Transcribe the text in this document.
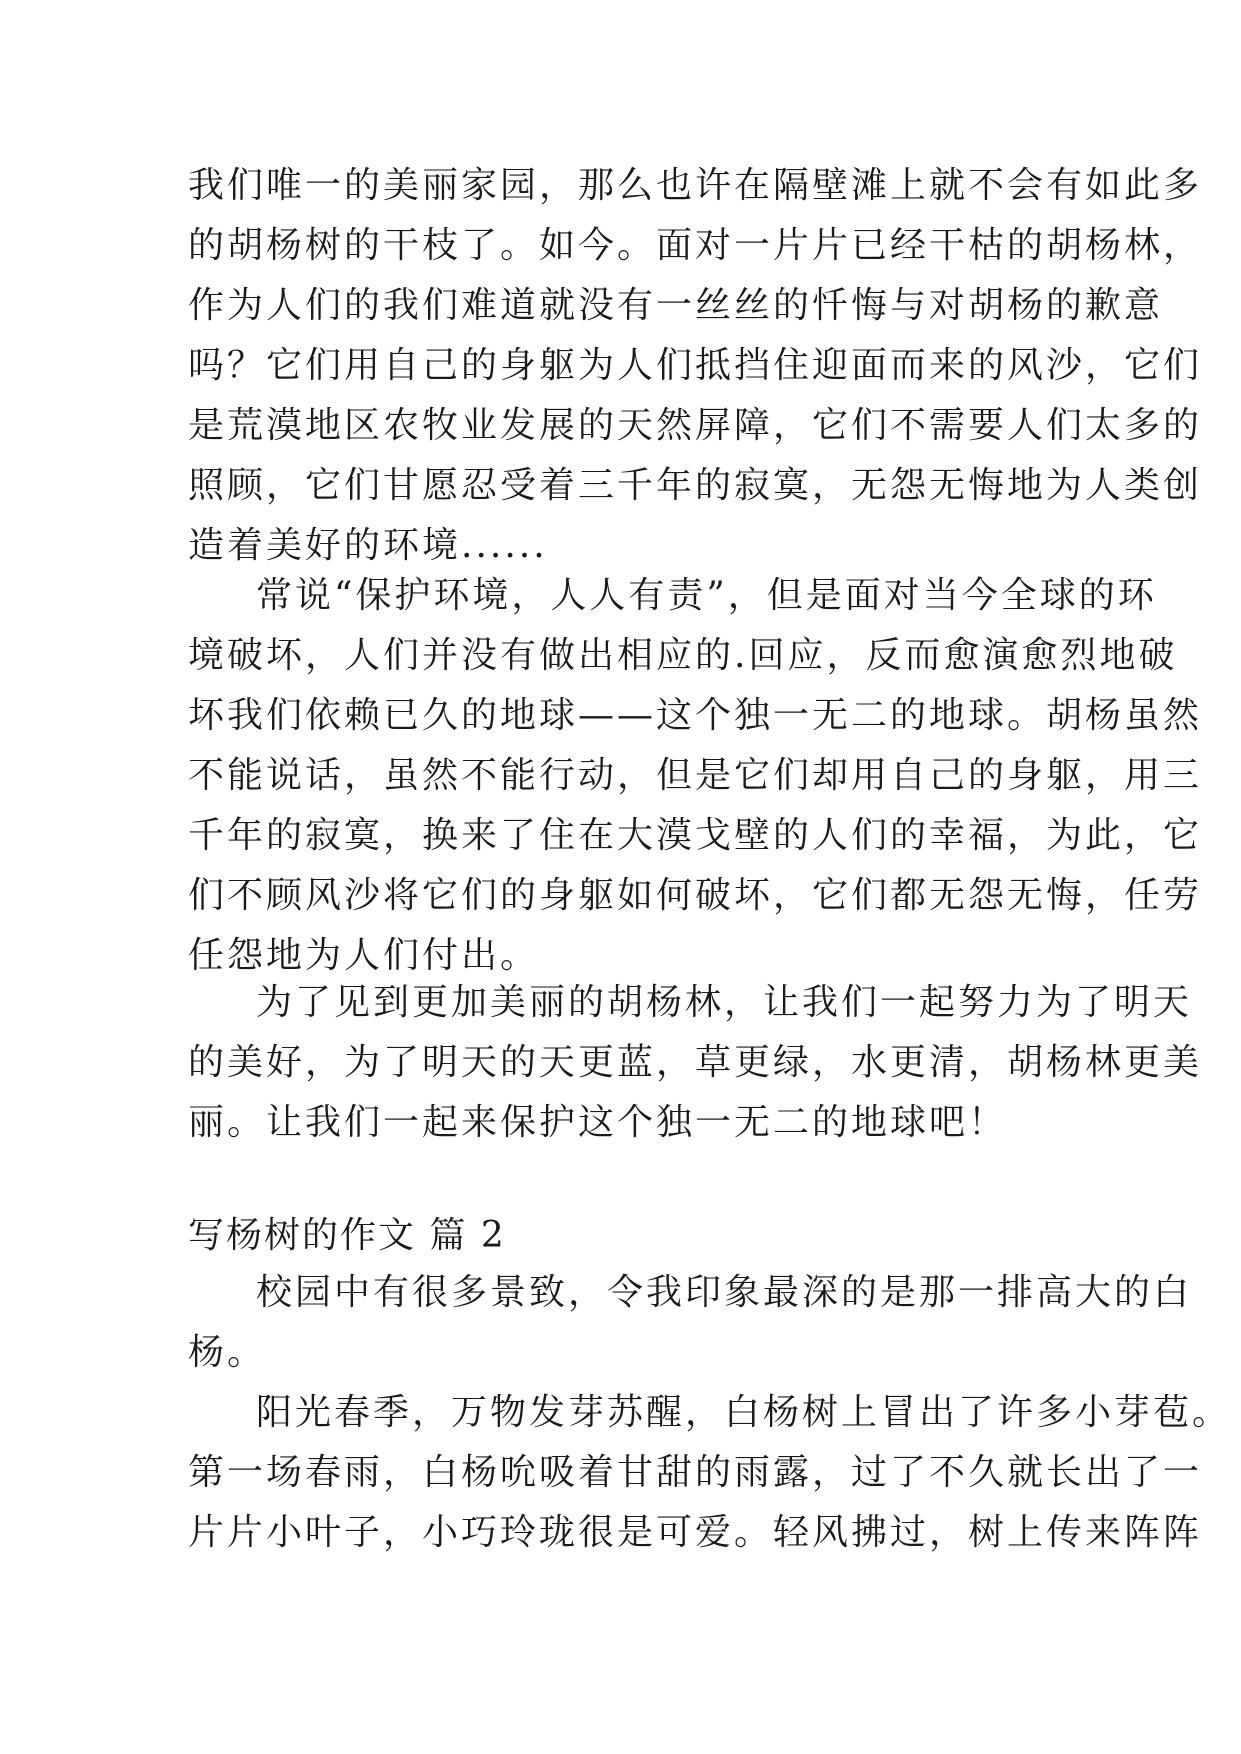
我们唯一的美丽家园，那么也许在隔壁滩上就不会有如此多
的胡杨树的干枝了。如今。面对一片片已经干枯的胡杨林，
作为人们的我们难道就没有一丝丝的忏悔与对胡杨的歉意
吗？它们用自己的身躯为人们抵挡住迎面而来的风沙，它们
是荒漠地区农牧业发展的天然屏障，它们不需要人们太多的
照顾，它们甘愿忍受着三千年的寂寞，无怨无悔地为人类创
造着美好的环境......

常说“保护环境，人人有责”，但是面对当今全球的环
境破坏，人们并没有做出相应的.回应，反而愈演愈烈地破
坏我们依赖已久的地球——这个独一无二的地球。胡杨虽然
不能说话，虽然不能行动，但是它们却用自己的身躯，用三
千年的寂寞，换来了住在大漠戈壁的人们的幸福，为此，它
们不顾风沙将它们的身躯如何破坏，它们都无怨无悔，任劳
任怨地为人们付出。

为了见到更加美丽的胡杨林，让我们一起努力为了明天
的美好，为了明天的天更蓝，草更绿，水更清，胡杨林更美
丽。让我们一起来保护这个独一无二的地球吧！

写杨树的作文 篇 2

校园中有很多景致，令我印象最深的是那一排高大的白
杨。

阳光春季，万物发芽苏醒，白杨树上冒出了许多小芽苞。
第一场春雨，白杨吮吸着甘甜的雨露，过了不久就长出了一
片片小叶子，小巧玲珑很是可爱。轻风拂过，树上传来阵阵
